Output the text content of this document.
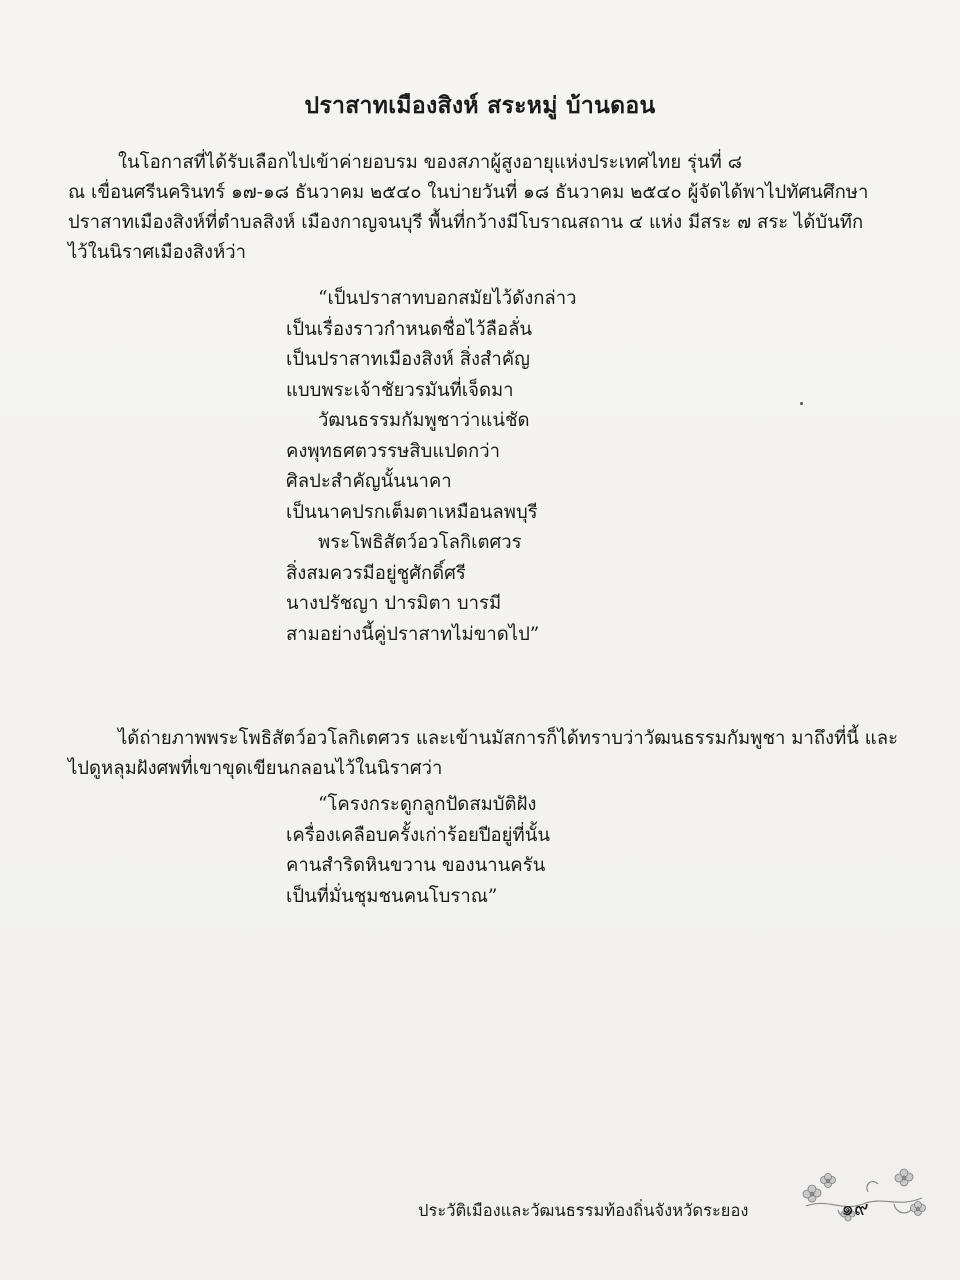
ปราสาทเมืองสิงห์ สระหมู่ บ้านดอน
ในโอกาสที่ได้รับเลือกไปเข้าค่ายอบรม ของสภาผู้สูงอายุแห่งประเทศไทย รุ่นที่ ๘
ณ เขื่อนศรีนครินทร์ ๑๗-๑๘ ธันวาคม ๒๕๔๐ ในบ่ายวันที่ ๑๘ ธันวาคม ๒๕๔๐ ผู้จัดได้พาไปทัศนศึกษา
ปราสาทเมืองสิงห์ที่ตำบลสิงห์ เมืองกาญจนบุรี พื้นที่กว้างมีโบราณสถาน ๔ แห่ง มีสระ ๗ สระ ได้บันทึก
ไว้ในนิราศเมืองสิงห์ว่า
“เป็นปราสาทบอกสมัยไว้ดังกล่าว
เป็นเรื่องราวกำหนดชื่อไว้ลือลั่น
เป็นปราสาทเมืองสิงห์ สิ่งสำคัญ
แบบพระเจ้าชัยวรมันที่เจ็ดมา
วัฒนธรรมกัมพูชาว่าแน่ชัด
คงพุทธศตวรรษสิบแปดกว่า
ศิลปะสำคัญนั้นนาคา
เป็นนาคปรกเต็มตาเหมือนลพบุรี
พระโพธิสัตว์อวโลกิเตศวร
สิ่งสมควรมีอยู่ชูศักดิ์ศรี
นางปรัชญา ปารมิตา บารมี
สามอย่างนี้คู่ปราสาทไม่ขาดไป”
ได้ถ่ายภาพพระโพธิสัตว์อวโลกิเตศวร และเข้านมัสการก็ได้ทราบว่าวัฒนธรรมกัมพูชา มาถึงที่นี้ และ
ไปดูหลุมฝังศพที่เขาขุดเขียนกลอนไว้ในนิราศว่า
“โครงกระดูกลูกปัดสมบัติฝัง
เครื่องเคลือบครั้งเก่าร้อยปีอยู่ที่นั้น
คานสำริดหินขวาน ของนานครัน
เป็นที่มั่นชุมชนคนโบราณ”
ประวัติเมืองและวัฒนธรรมท้องถิ่นจังหวัดระยอง	๑๙
